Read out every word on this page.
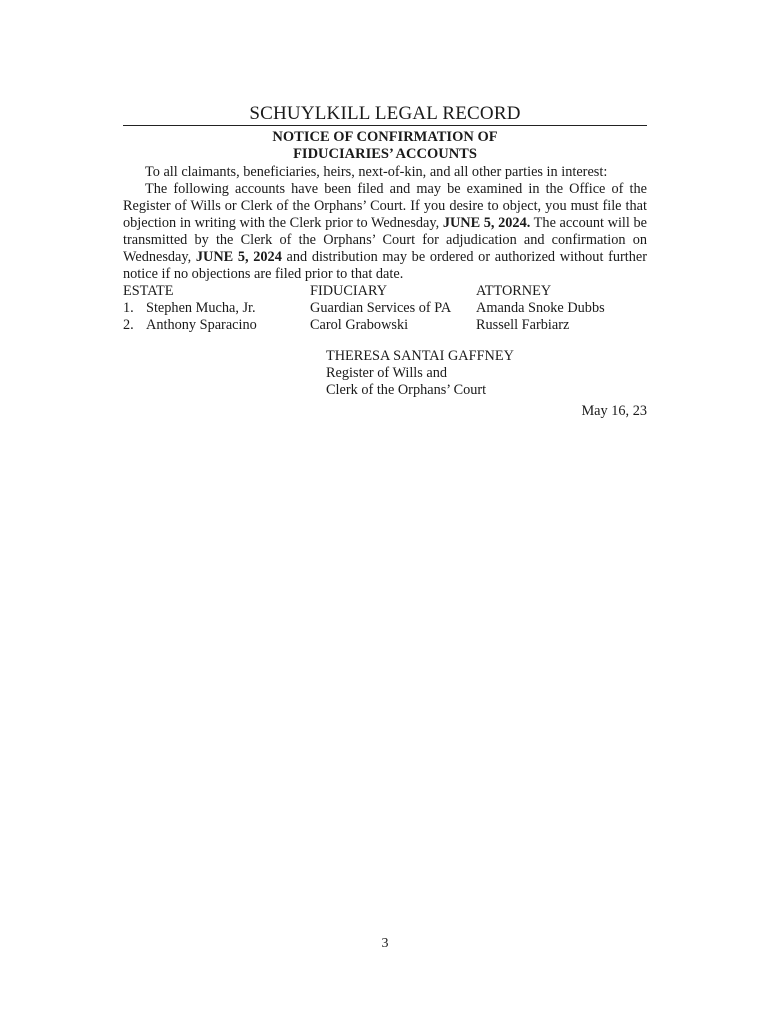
SCHUYLKILL LEGAL RECORD
NOTICE OF CONFIRMATION OF
FIDUCIARIES’ ACCOUNTS

To all claimants, beneficiaries, heirs, next-of-kin, and all other parties in interest:

The following accounts have been filed and may be examined in the Office of the Register of Wills or Clerk of the Orphans’ Court. If you desire to object, you must file that objection in writing with the Clerk prior to Wednesday, JUNE 5, 2024. The account will be transmitted by the Clerk of the Orphans’ Court for adjudication and confirmation on Wednesday, JUNE 5, 2024 and distribution may be ordered or authorized without further notice if no objections are filed prior to that date.

ESTATE	FIDUCIARY	ATTORNEY
1. Stephen Mucha, Jr.	Guardian Services of PA	Amanda Snoke Dubbs
2. Anthony Sparacino	Carol Grabowski	Russell Farbiarz
THERESA SANTAI GAFFNEY
Register of Wills and
Clerk of the Orphans’ Court
May 16, 23
3
